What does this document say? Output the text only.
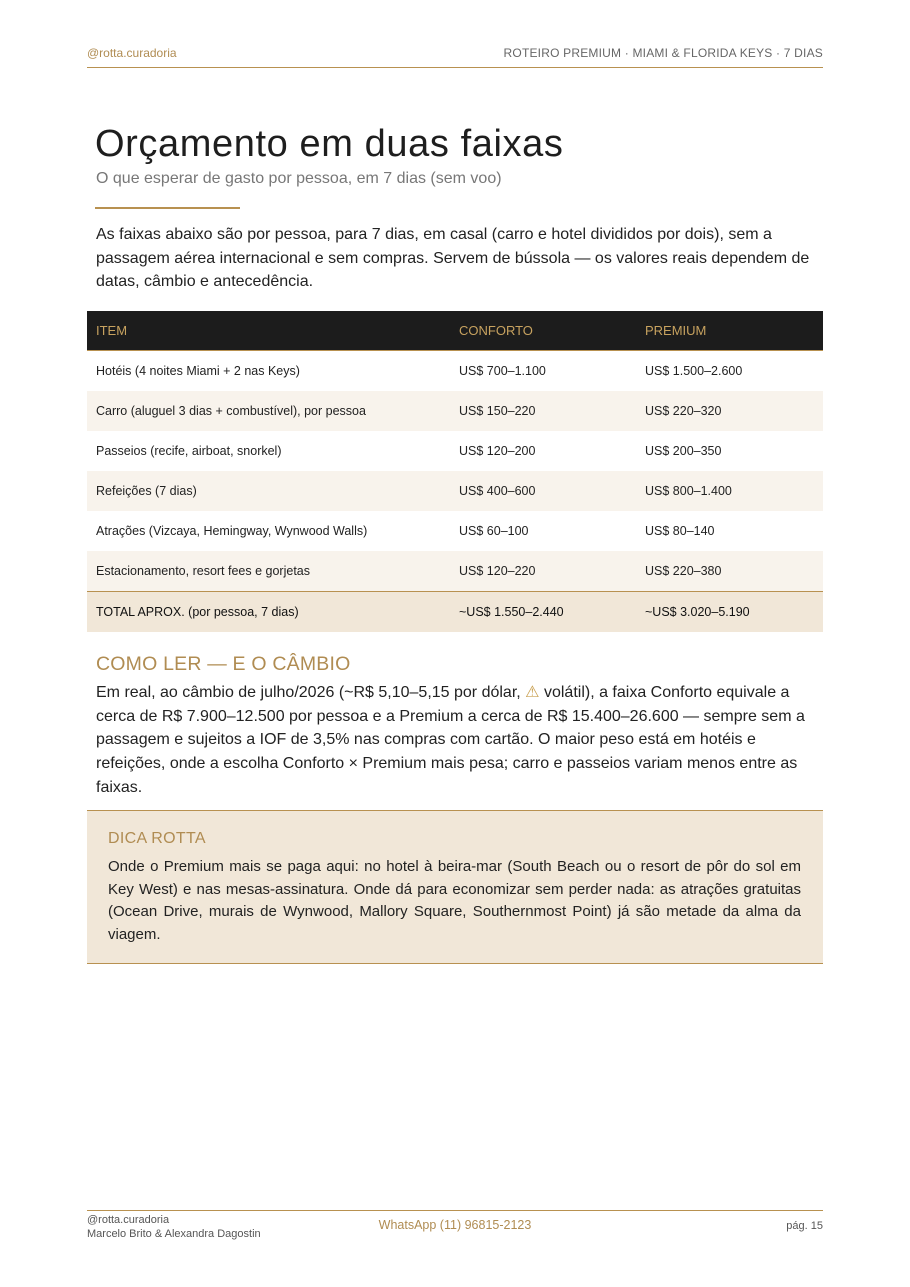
@rotta.curadoria	ROTEIRO PREMIUM · MIAMI & FLORIDA KEYS · 7 DIAS
Orçamento em duas faixas
O que esperar de gasto por pessoa, em 7 dias (sem voo)

As faixas abaixo são por pessoa, para 7 dias, em casal (carro e hotel divididos por dois), sem a passagem aérea internacional e sem compras. Servem de bússola — os valores reais dependem de datas, câmbio e antecedência.

ITEM	CONFORTO	PREMIUM
Hotéis (4 noites Miami + 2 nas Keys)	US$ 700–1.100	US$ 1.500–2.600
Carro (aluguel 3 dias + combustível), por pessoa	US$ 150–220	US$ 220–320
Passeios (recife, airboat, snorkel)	US$ 120–200	US$ 200–350
Refeições (7 dias)	US$ 400–600	US$ 800–1.400
Atrações (Vizcaya, Hemingway, Wynwood Walls)	US$ 60–100	US$ 80–140
Estacionamento, resort fees e gorjetas	US$ 120–220	US$ 220–380
TOTAL APROX. (por pessoa, 7 dias)	~US$ 1.550–2.440	~US$ 3.020–5.190
COMO LER — E O CÂMBIO

Em real, ao câmbio de julho/2026 (~R$ 5,10–5,15 por dólar, ⚠ volátil), a faixa Conforto equivale a cerca de R$ 7.900–12.500 por pessoa e a Premium a cerca de R$ 15.400–26.600 — sempre sem a passagem e sujeitos a IOF de 3,5% nas compras com cartão. O maior peso está em hotéis e refeições, onde a escolha Conforto × Premium mais pesa; carro e passeios variam menos entre as faixas.

DICA ROTTA
Onde o Premium mais se paga aqui: no hotel à beira-mar (South Beach ou o resort de pôr do sol em Key West) e nas mesas-assinatura. Onde dá para economizar sem perder nada: as atrações gratuitas (Ocean Drive, murais de Wynwood, Mallory Square, Southernmost Point) já são metade da alma da viagem.
@rotta.curadoria
Marcelo Brito & Alexandra Dagostin
WhatsApp (11) 96815-2123	pág. 15
